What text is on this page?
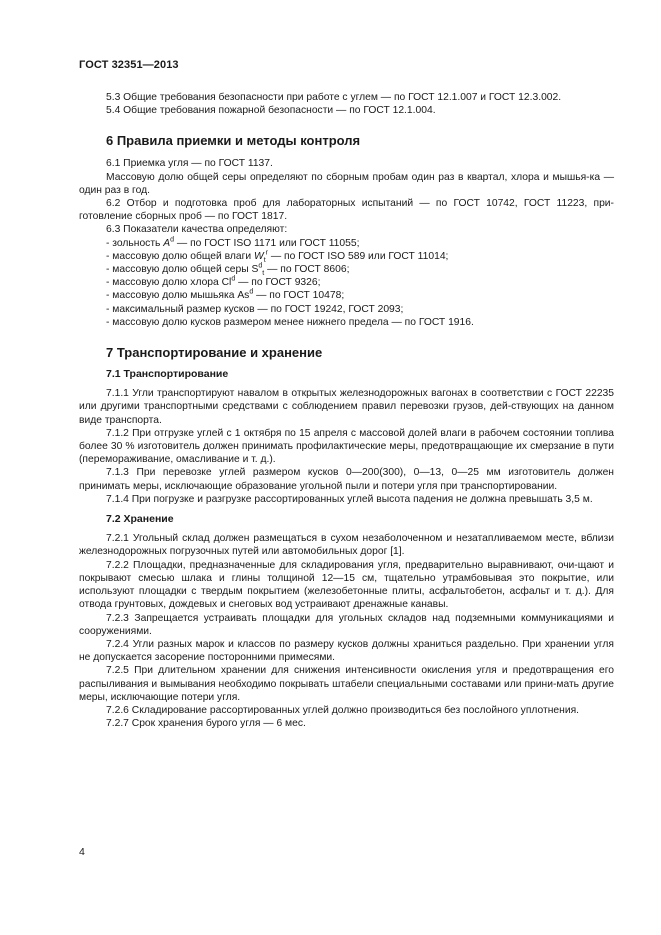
ГОСТ 32351—2013

5.3 Общие требования безопасности при работе с углем — по ГОСТ 12.1.007 и ГОСТ 12.3.002.

5.4 Общие требования пожарной безопасности — по ГОСТ 12.1.004.

6 Правила приемки и методы контроля

6.1 Приемка угля — по ГОСТ 1137.

Массовую долю общей серы определяют по сборным пробам один раз в квартал, хлора и мышья-ка — один раз в год.

6.2 Отбор и подготовка проб для лабораторных испытаний — по ГОСТ 10742, ГОСТ 11223, при-готовление сборных проб — по ГОСТ 1817.

6.3 Показатели качества определяют:

- зольность $A^d$ — по ГОСТ ISO 1171 или ГОСТ 11055;

- массовую долю общей влаги $W_t^r$ — по ГОСТ ISO 589 или ГОСТ 11014;

- массовую долю общей серы $S^d_t$ — по ГОСТ 8606;

- массовую долю хлора Cl$^d$ — по ГОСТ 9326;

- массовую долю мышьяка As$^d$ — по ГОСТ 10478;

- максимальный размер кусков — по ГОСТ 19242, ГОСТ 2093;

- массовую долю кусков размером менее нижнего предела — по ГОСТ 1916.

7 Транспортирование и хранение
7.1 Транспортирование

7.1.1 Угли транспортируют навалом в открытых железнодорожных вагонах в соответствии с ГОСТ 22235 или другими транспортными средствами с соблюдением правил перевозки грузов, дей-ствующих на данном виде транспорта.

7.1.2 При отгрузке углей с 1 октября по 15 апреля с массовой долей влаги в рабочем состоянии топлива более 30 % изготовитель должен принимать профилактические меры, предотвращающие их смерзание в пути (перемораживание, омасливание и т. д.).

7.1.3 При перевозке углей размером кусков 0—200(300), 0—13, 0—25 мм изготовитель должен принимать меры, исключающие образование угольной пыли и потери угля при транспортировании.

7.1.4 При погрузке и разгрузке рассортированных углей высота падения не должна превышать 3,5 м.

7.2 Хранение

7.2.1 Угольный склад должен размещаться в сухом незаболоченном и незатапливаемом месте, вблизи железнодорожных погрузочных путей или автомобильных дорог [1].

7.2.2 Площадки, предназначенные для складирования угля, предварительно выравнивают, очи-щают и покрывают смесью шлака и глины толщиной 12—15 см, тщательно утрамбовывая это покрытие, или используют площадки с твердым покрытием (железобетонные плиты, асфальтобетон, асфальт и т. д.). Для отвода грунтовых, дождевых и снеговых вод устраивают дренажные канавы.

7.2.3 Запрещается устраивать площадки для угольных складов над подземными коммуникациями и сооружениями.

7.2.4 Угли разных марок и классов по размеру кусков должны храниться раздельно. При хранении угля не допускается засорение посторонними примесями.

7.2.5 При длительном хранении для снижения интенсивности окисления угля и предотвращения его распыливания и вымывания необходимо покрывать штабели специальными составами или прини-мать другие меры, исключающие потери угля.

7.2.6 Складирование рассортированных углей должно производиться без послойного уплотнения.

7.2.7 Срок хранения бурого угля — 6 мес.

4
